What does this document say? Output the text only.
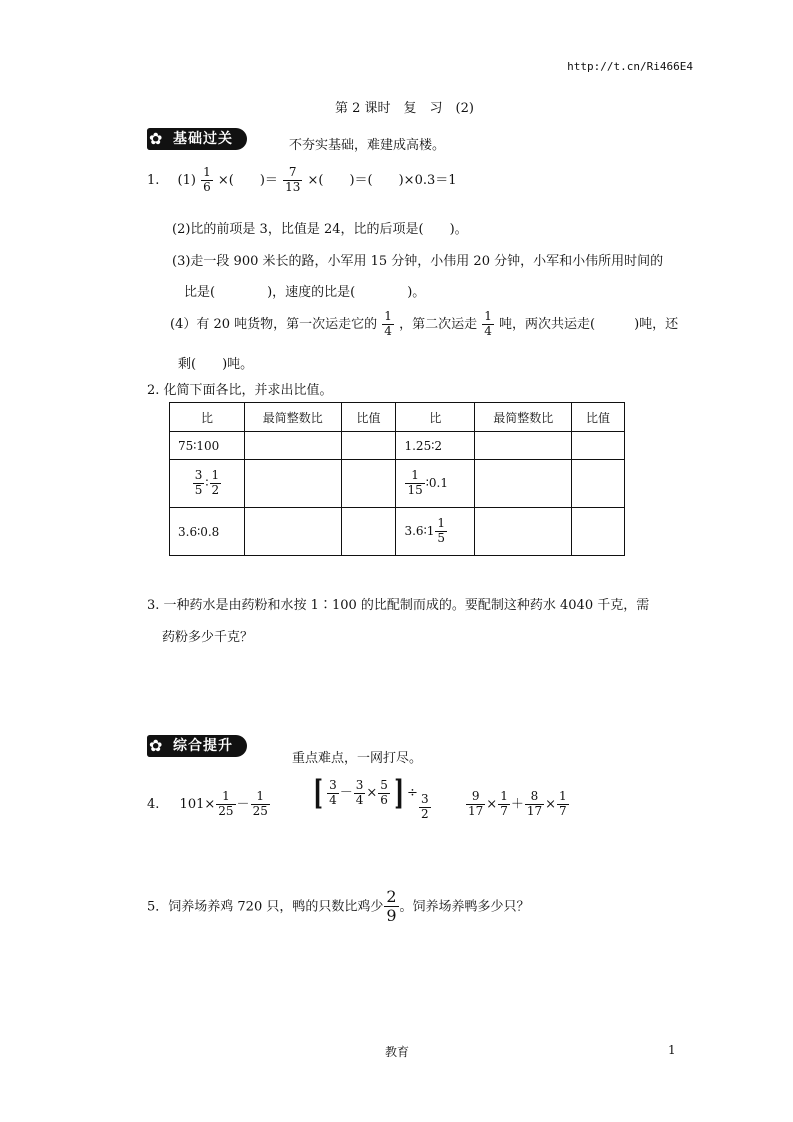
http://t.cn/Ri466E4
第 2 课时　复　习　(2)
✿ 基础过关	不夯实基础，难建成高楼。
1. $(1) \frac{1}{6}$ ×(　　)＝ $\frac{7}{13}$ ×(　　)＝(　　)×0.3＝1
(2)比的前项是 3，比值是 24，比的后项是(　　)。
(3)走一段 900 米长的路，小军用 15 分钟，小伟用 20 分钟，小军和小伟所用时间的
比是(　　　　)，速度的比是(　　　　)。
(4）有 20 吨货物，第一次运走它的 $\frac{1}{4}$ ，第二次运走 $\frac{1}{4}$ 吨，两次共运走(　　　)吨，还
剩(　　)吨。
2. 化简下面各比，并求出比值。
比	最简整数比	比值	比	最简整数比	比值
75∶100			1.25∶2		

$\frac{3}{5}$ ∶ $\frac{1}{2}$			$\frac{1}{15}$ ∶0.1		
3.6∶0.8			3.6∶1 $\frac{1}{5}$

3. 一种药水是由药粉和水按 1∶100 的比配制而成的。要配制这种药水 4040 千克，需
药粉多少千克？
✿ 综合提升
重点难点，一网打尽。
4. $101\times \frac{1}{25} - \frac{1}{25}$ [ $\frac{3}{4} - \frac{3}{4} \times \frac{5}{6}$ ] ÷ $\frac{3}{2}$	$\frac{9}{17} \times \frac{1}{7} + \frac{8}{17} \times \frac{1}{7}$
5．饲养场养鸡 720 只，鸭的只数比鸡少 $\frac{2}{9}$ 。饲养场养鸭多少只？
教育	1
